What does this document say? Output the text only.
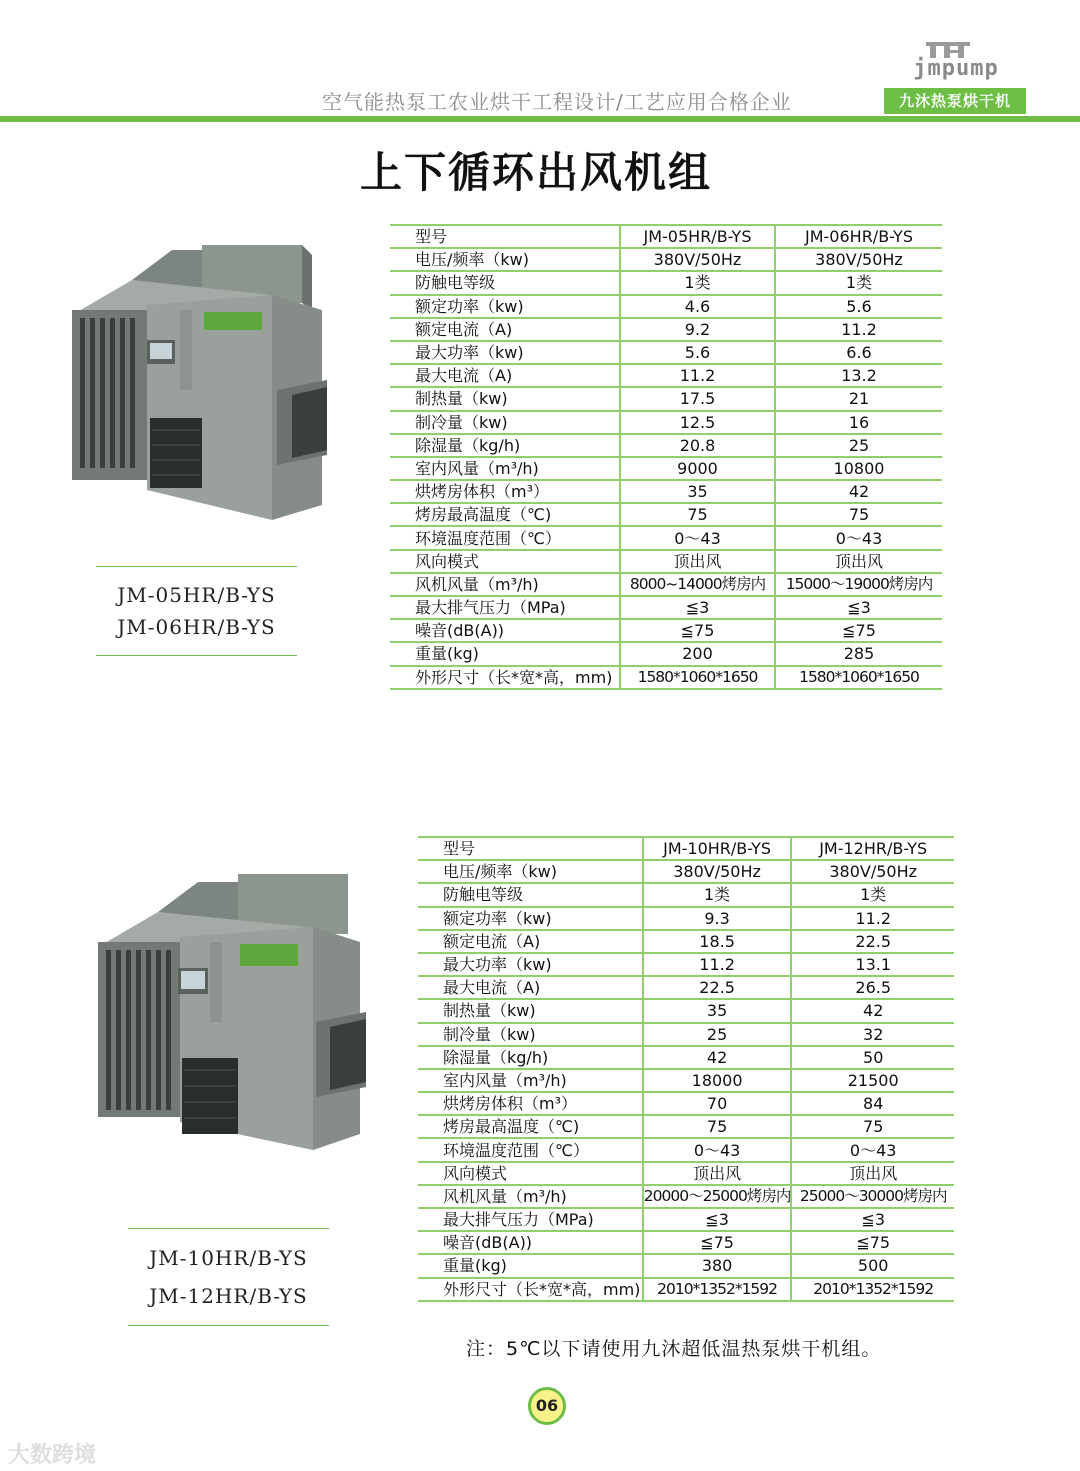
jmpump
空气能热泵工农业烘干工程设计/工艺应用合格企业	九沐热泵烘干机
上下循环出风机组
JM-05HR/B-YS
JM-06HR/B-YS
型号	JM-05HR/B-YS	JM-06HR/B-YS
电压/频率（kw)	380V/50Hz	380V/50Hz
防触电等级	1类	1类
额定功率（kw)	4.6	5.6
额定电流（A)	9.2	11.2
最大功率（kw)	5.6	6.6
最大电流（A)	11.2	13.2
制热量（kw)	17.5	21
制冷量（kw)	12.5	16
除湿量（kg/h)	20.8	25
室内风量（m³/h)	9000	10800
烘烤房体积（m³）	35	42
烤房最高温度（℃)	75	75
环境温度范围（℃）	0～43	0～43
风向模式	顶出风	顶出风
风机风量（m³/h)	8000~14000烤房内	15000～19000烤房内
最大排气压力（MPa)	≦3	≦3
噪音(dB(A))	≦75	≦75
重量(kg)	200	285
外形尺寸（长*宽*高，mm)	1580*1060*1650	1580*1060*1650
JM-10HR/B-YS
JM-12HR/B-YS
型号	JM-10HR/B-YS	JM-12HR/B-YS
电压/频率（kw)	380V/50Hz	380V/50Hz
防触电等级	1类	1类
额定功率（kw)	9.3	11.2
额定电流（A)	18.5	22.5
最大功率（kw)	11.2	13.1
最大电流（A)	22.5	26.5
制热量（kw)	35	42
制冷量（kw)	25	32
除湿量（kg/h)	42	50
室内风量（m³/h)	18000	21500
烘烤房体积（m³）	70	84
烤房最高温度（℃)	75	75
环境温度范围（℃）	0～43	0～43
风向模式	顶出风	顶出风
风机风量（m³/h)	20000～25000烤房内	25000～30000烤房内
最大排气压力（MPa)	≦3	≦3
噪音(dB(A))	≦75	≦75
重量(kg)	380	500
外形尺寸（长*宽*高，mm)	2010*1352*1592	2010*1352*1592
注：5℃以下请使用九沐超低温热泵烘干机组。
06
大数跨境
